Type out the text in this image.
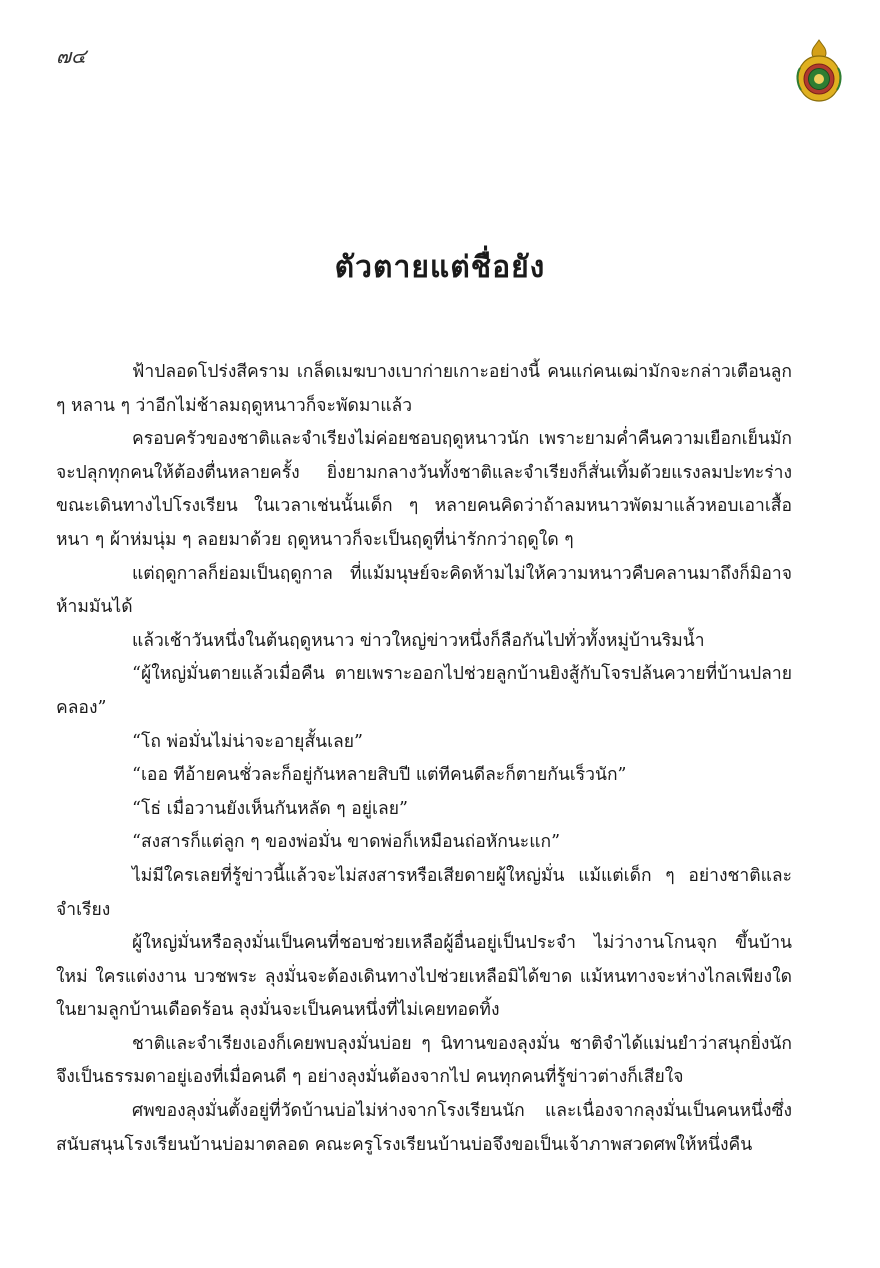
๗๔
ตัวตายแต่ชื่อยัง

ฟ้าปลอดโปร่งสีคราม เกล็ดเมฆบางเบาก่ายเกาะอย่างนี้ คนแก่คนเฒ่ามักจะกล่าวเตือนลูก ๆ หลาน ๆ ว่าอีกไม่ช้าลมฤดูหนาวก็จะพัดมาแล้ว

ครอบครัวของชาติและจำเรียงไม่ค่อยชอบฤดูหนาวนัก เพราะยามค่ำคืนความเยือกเย็นมักจะปลุกทุกคนให้ต้องตื่นหลายครั้ง ยิ่งยามกลางวันทั้งชาติและจำเรียงก็สั่นเทิ้มด้วยแรงลมปะทะร่างขณะเดินทางไปโรงเรียน ในเวลาเช่นนั้นเด็ก ๆ หลายคนคิดว่าถ้าลมหนาวพัดมาแล้วหอบเอาเสื้อหนา ๆ ผ้าห่มนุ่ม ๆ ลอยมาด้วย ฤดูหนาวก็จะเป็นฤดูที่น่ารักกว่าฤดูใด ๆ

แต่ฤดูกาลก็ย่อมเป็นฤดูกาล ที่แม้มนุษย์จะคิดห้ามไม่ให้ความหนาวคืบคลานมาถึงก็มิอาจห้ามมันได้

แล้วเช้าวันหนึ่งในต้นฤดูหนาว ข่าวใหญ่ข่าวหนึ่งก็ลือกันไปทั่วทั้งหมู่บ้านริมน้ำ

“ผู้ใหญ่มั่นตายแล้วเมื่อคืน ตายเพราะออกไปช่วยลูกบ้านยิงสู้กับโจรปล้นควายที่บ้านปลายคลอง”

“โถ พ่อมั่นไม่น่าจะอายุสั้นเลย”

“เออ ทีอ้ายคนชั่วละก็อยู่กันหลายสิบปี แต่ทีคนดีละก็ตายกันเร็วนัก”

“โธ่ เมื่อวานยังเห็นกันหลัด ๆ อยู่เลย”

“สงสารก็แต่ลูก ๆ ของพ่อมั่น ขาดพ่อก็เหมือนถ่อหักนะแก”

ไม่มีใครเลยที่รู้ข่าวนี้แล้วจะไม่สงสารหรือเสียดายผู้ใหญ่มั่น แม้แต่เด็ก ๆ อย่างชาติและจำเรียง

ผู้ใหญ่มั่นหรือลุงมั่นเป็นคนที่ชอบช่วยเหลือผู้อื่นอยู่เป็นประจำ ไม่ว่างานโกนจุก ขึ้นบ้านใหม่ ใครแต่งงาน บวชพระ ลุงมั่นจะต้องเดินทางไปช่วยเหลือมิได้ขาด แม้หนทางจะห่างไกลเพียงใด ในยามลูกบ้านเดือดร้อน ลุงมั่นจะเป็นคนหนึ่งที่ไม่เคยทอดทิ้ง

ชาติและจำเรียงเองก็เคยพบลุงมั่นบ่อย ๆ นิทานของลุงมั่น ชาติจำได้แม่นยำว่าสนุกยิ่งนัก จึงเป็นธรรมดาอยู่เองที่เมื่อคนดี ๆ อย่างลุงมั่นต้องจากไป คนทุกคนที่รู้ข่าวต่างก็เสียใจ

ศพของลุงมั่นตั้งอยู่ที่วัดบ้านบ่อไม่ห่างจากโรงเรียนนัก และเนื่องจากลุงมั่นเป็นคนหนึ่งซึ่งสนับสนุนโรงเรียนบ้านบ่อมาตลอด คณะครูโรงเรียนบ้านบ่อจึงขอเป็นเจ้าภาพสวดศพให้หนึ่งคืน
